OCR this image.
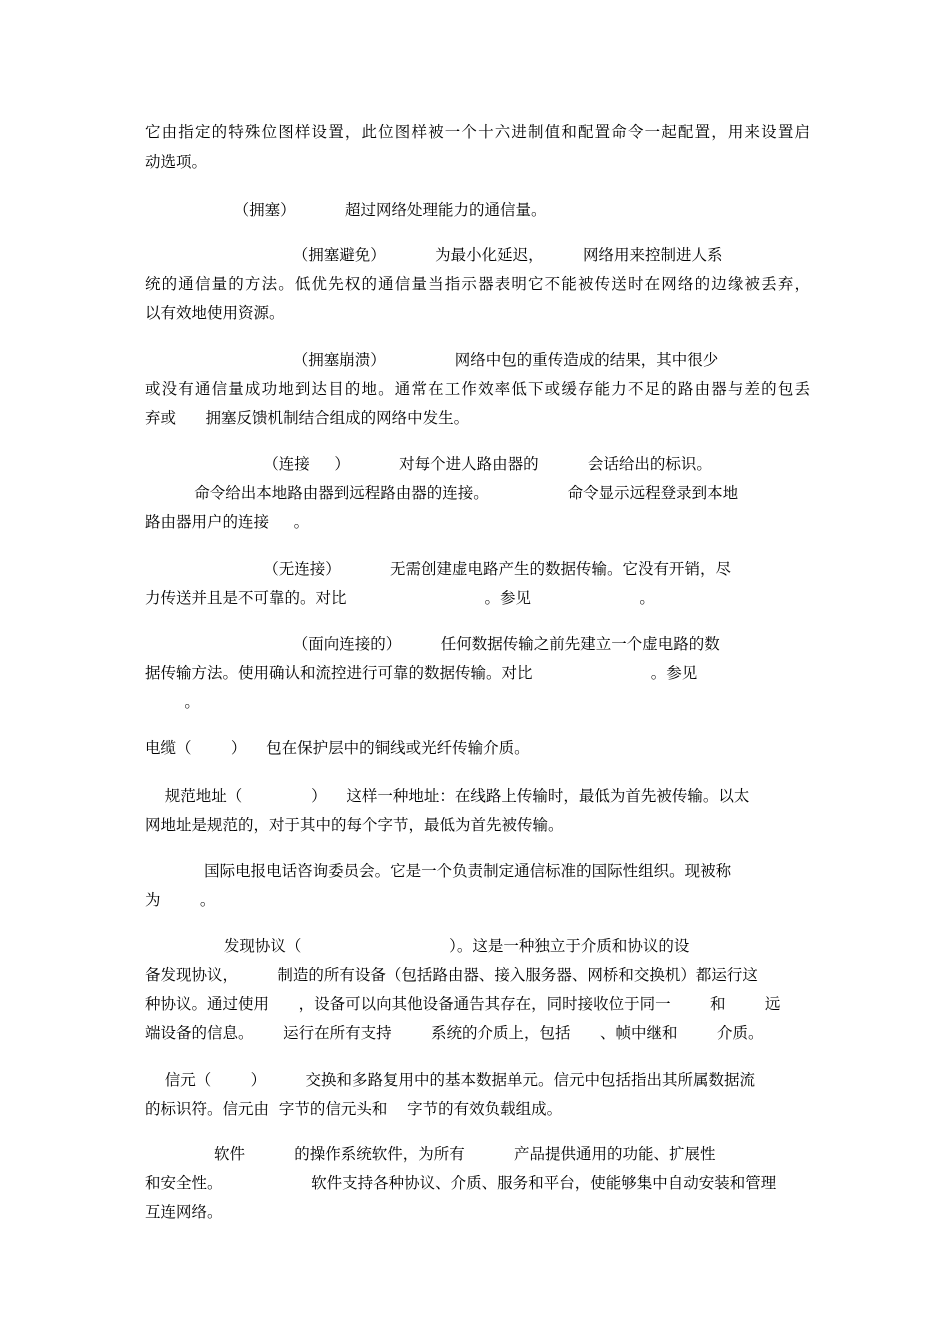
它由指定的特殊位图样设置，此位图样被一个十六进制值和配置命令一起配置，用来设置启
动选项。
（拥塞）          超过网络处理能力的通信量。
（拥塞避免）          为最小化延迟，        网络用来控制进人系
统的通信量的方法。低优先权的通信量当指示器表明它不能被传送时在网络的边缘被丢弃，
以有效地使用资源。
（拥塞崩溃）              网络中包的重传造成的结果，其中很少
或没有通信量成功地到达目的地。通常在工作效率低下或缓存能力不足的路由器与差的包丢
弃或      拥塞反馈机制结合组成的网络中发生。
（连接     ）          对每个进人路由器的          会话给出的标识。
命令给出本地路由器到远程路由器的连接。                命令显示远程登录到本地
路由器用户的连接     。
（无连接）          无需创建虚电路产生的数据传输。它没有开销，尽
力传送并且是不可靠的。对比                            。参见                      。
（面向连接的）        任何数据传输之前先建立一个虚电路的数
据传输方法。使用确认和流控进行可靠的数据传输。对比                        。参见
。
电缆（        ）    包在保护层中的铜线或光纤传输介质。
规范地址（              ）    这样一种地址：在线路上传输时，最低为首先被传输。以太
网地址是规范的，对于其中的每个字节，最低为首先被传输。
国际电报电话咨询委员会。它是一个负责制定通信标准的国际性组织。现被称
为        。
发现协议（                              ）。这是一种独立于介质和协议的设
备发现协议，        制造的所有设备（包括路由器、接入服务器、网桥和交换机）都运行这
种协议。通过使用      ，设备可以向其他设备通告其存在，同时接收位于同一        和        远
端设备的信息。      运行在所有支持        系统的介质上，包括      、帧中继和        介质。
信元（        ）        交换和多路复用中的基本数据单元。信元中包括指出其所属数据流
的标识符。信元由  字节的信元头和    字节的有效负载组成。
软件          的操作系统软件，为所有          产品提供通用的功能、扩展性
和安全性。                  软件支持各种协议、介质、服务和平台，使能够集中自动安装和管理
互连网络。
